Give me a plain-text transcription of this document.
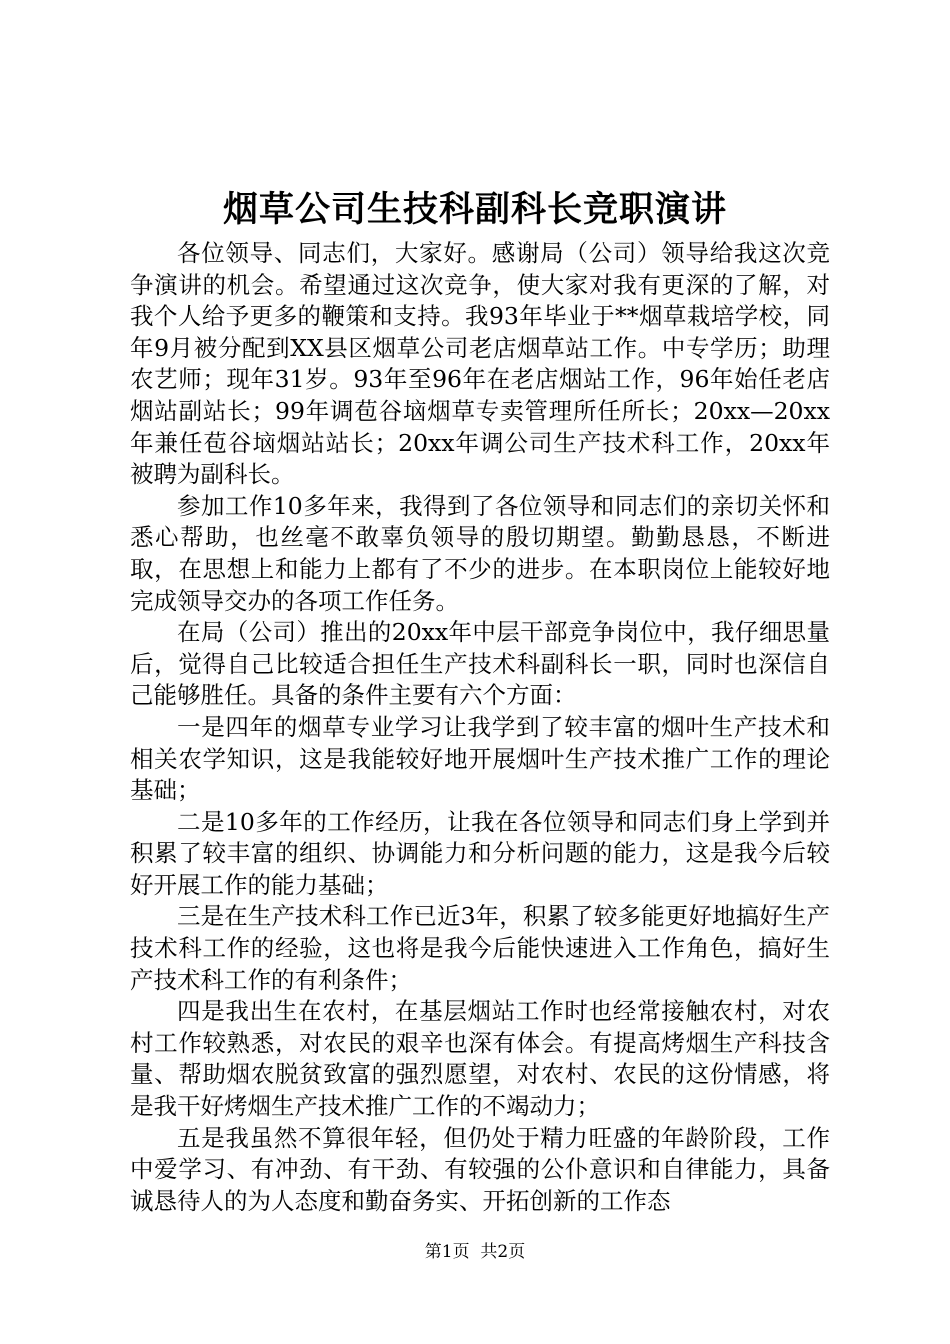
烟草公司生技科副科长竞职演讲

各位领导、同志们，大家好。感谢局（公司）领导给我这次竞争演讲的机会。希望通过这次竞争，使大家对我有更深的了解，对我个人给予更多的鞭策和支持。我93年毕业于**烟草栽培学校，同年9月被分配到XX县区烟草公司老店烟草站工作。中专学历；助理农艺师；现年31岁。93年至96年在老店烟站工作，96年始任老店烟站副站长；99年调苞谷垴烟草专卖管理所任所长；20xx—20xx年兼任苞谷垴烟站站长；20xx年调公司生产技术科工作，20xx年被聘为副科长。

参加工作10多年来，我得到了各位领导和同志们的亲切关怀和悉心帮助，也丝毫不敢辜负领导的殷切期望。勤勤恳恳，不断进取，在思想上和能力上都有了不少的进步。在本职岗位上能较好地完成领导交办的各项工作任务。

在局（公司）推出的20xx年中层干部竞争岗位中，我仔细思量后，觉得自己比较适合担任生产技术科副科长一职，同时也深信自己能够胜任。具备的条件主要有六个方面：

一是四年的烟草专业学习让我学到了较丰富的烟叶生产技术和相关农学知识，这是我能较好地开展烟叶生产技术推广工作的理论基础；

二是10多年的工作经历，让我在各位领导和同志们身上学到并积累了较丰富的组织、协调能力和分析问题的能力，这是我今后较好开展工作的能力基础；

三是在生产技术科工作已近3年，积累了较多能更好地搞好生产技术科工作的经验，这也将是我今后能快速进入工作角色，搞好生产技术科工作的有利条件；

四是我出生在农村，在基层烟站工作时也经常接触农村，对农村工作较熟悉，对农民的艰辛也深有体会。有提高烤烟生产科技含量、帮助烟农脱贫致富的强烈愿望，对农村、农民的这份情感，将是我干好烤烟生产技术推广工作的不竭动力；

五是我虽然不算很年轻，但仍处于精力旺盛的年龄阶段，工作中爱学习、有冲劲、有干劲、有较强的公仆意识和自律能力，具备诚恳待人的为人态度和勤奋务实、开拓创新的工作态

第1页  共2页
